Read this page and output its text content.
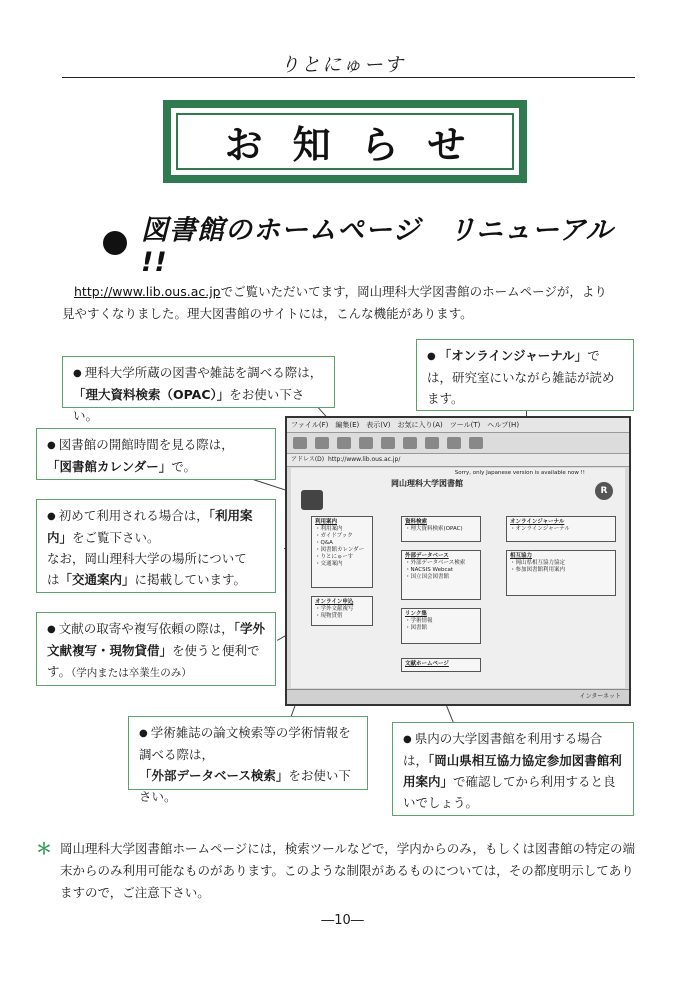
りとにゅーす
お知らせ
図書館のホームページ　リニューアル !!
http://www.lib.ous.ac.jpでご覧いただいてます，岡山理科大学図書館のホームページが，より
見やすくなりました。理大図書館のサイトには，こんな機能があります。
ファイル(F)　編集(E)　表示(V)　お気に入り(A)　ツール(T)　ヘルプ(H)
アドレス(D) http://www.lib.ous.ac.jp/
Sorry, only Japanese version is available now !!
岡山理科大学図書館
R
利用案内
・利用案内
・ガイドブック
・Q&A
・図書館カレンダー
・りとにゅーす
・交通案内
資料検索
・理大資料検索(OPAC)
オンラインジャーナル
・オンラインジャーナル
外部データベース
・外部データベース検索
・NACSIS Webcat
・国立国会図書館
相互協力
・岡山県相互協力協定
・参加図書館利用案内
オンライン申込
・学外文献複写
・現物貸借	リンク集
・学術情報
・図書館
文献ホームページ
インターネット
● 理科大学所蔵の図書や雑誌を調べる際は，
「理大資料検索（OPAC）」をお使い下さい。
● 「オンラインジャーナル」では，研究室にいながら雑誌が読めます。
● 図書館の開館時間を見る際は，
「図書館カレンダー」で。
● 初めて利用される場合は，「利用案内」をご覧下さい。
なお，岡山理科大学の場所について
は「交通案内」に掲載しています。
● 文献の取寄や複写依頼の際は，「学外文献複写・現物貸借」を使うと便利です。（学内または卒業生のみ）
● 学術雑誌の論文検索等の学術情報を調べる際は，「外部データベース検索」をお使い下さい。
● 県内の大学図書館を利用する場合は，「岡山県相互協力協定参加図書館利用案内」で確認してから利用すると良いでしょう。
＊ 岡山理科大学図書館ホームページには，検索ツールなどで，学内からのみ，もしくは図書館の特定の端末からのみ利用可能なものがあります。このような制限があるものについては，その都度明示してありますので，ご注意下さい。
―10―
